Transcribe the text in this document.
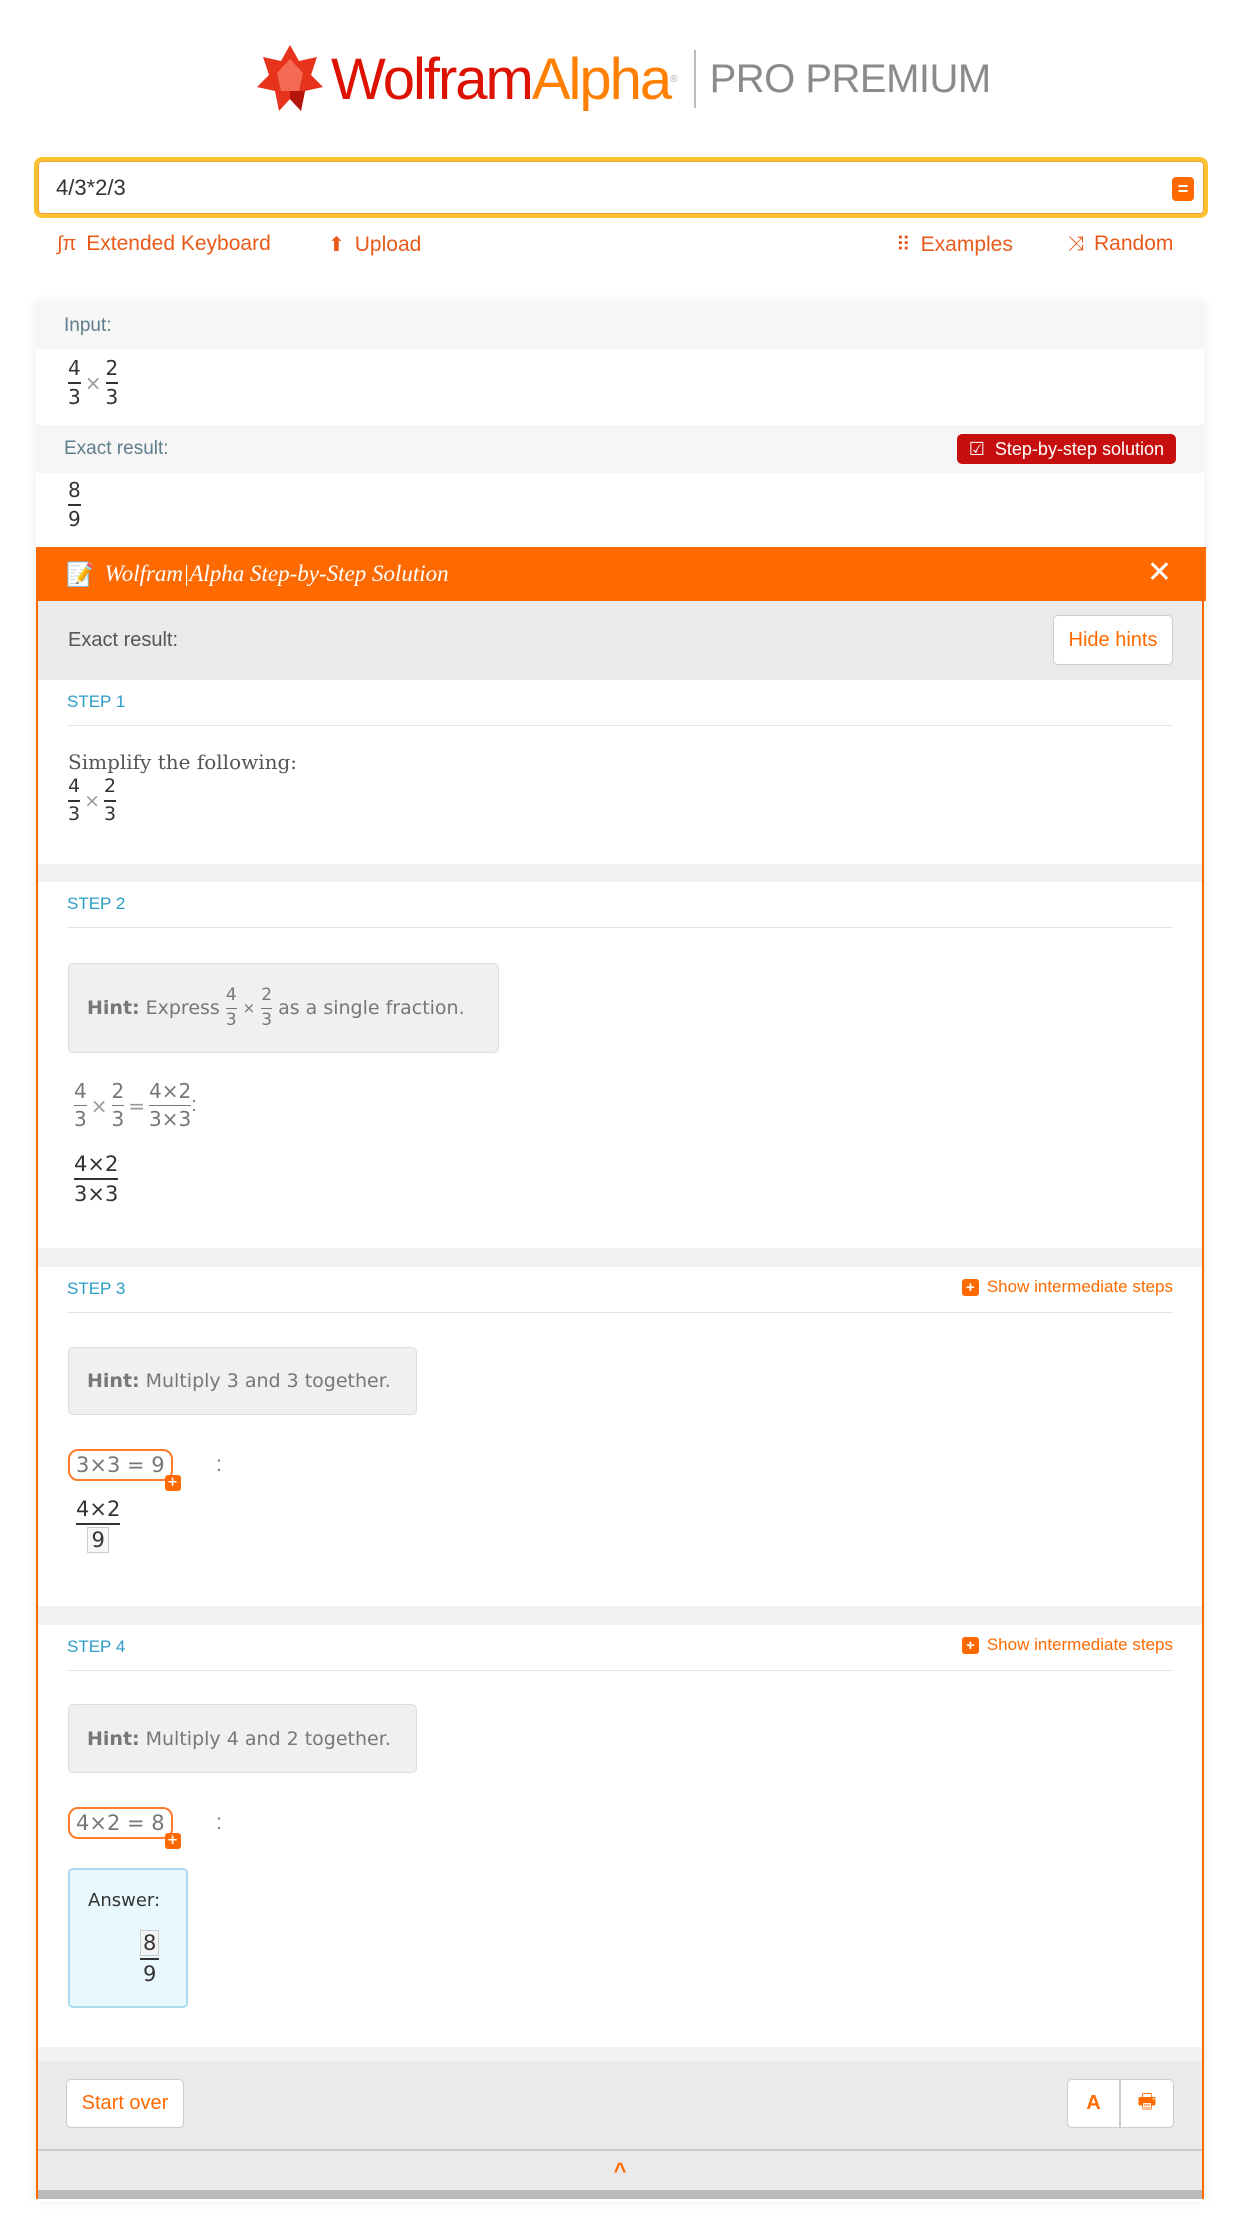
Wolfram Alpha ® PRO PREMIUM
4/3*2/3
=
∫π Extended Keyboard	⬆ Upload	⠿ Examples	⤨ Random
Input:
$\frac{4}{3} \times \frac{2}{3}$
Exact result:	☑ Step-by-step solution
$\frac{8}{9}$
📝 Wolfram|Alpha Step-by-Step Solution	✕
Exact result:	Hide hints
STEP 1
Simplify the following:
$\frac{4}{3} \times \frac{2}{3}$
STEP 2
Hint: Express $\frac{4}{3} \times \frac{2}{3}$ as a single fraction.
$\frac{4}{3} \times \frac{2}{3} = \frac{4\times 2}{3\times 3}$ :
$\frac{4\times 2}{3\times 3}$
STEP 3	+ Show intermediate steps
Hint: Multiply 3 and 3 together.
3×3 = 9
+
:
$\frac{4\times 2}{9}$
STEP 4	+ Show intermediate steps
Hint: Multiply 4 and 2 together.
4×2 = 8
+
:
Answer:
$\frac{8}{9}$
Start over	A	🖶
^
